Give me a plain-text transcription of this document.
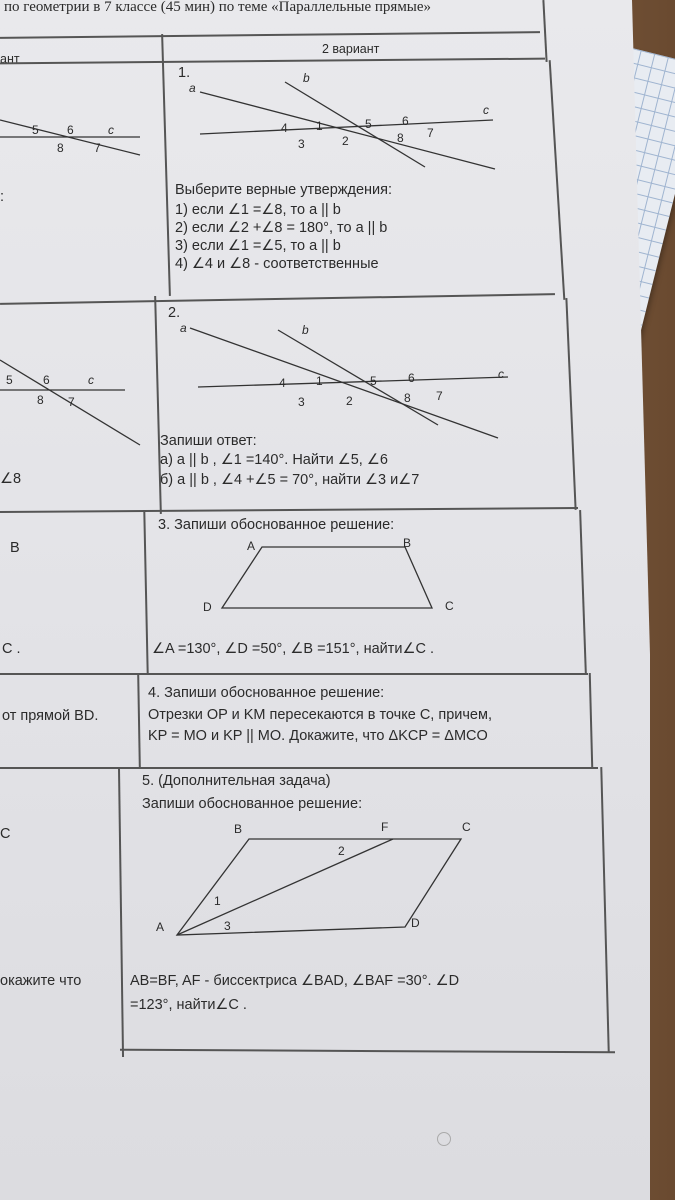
по геометрии в 7 классе (45 мин) по теме «Параллельные прямые»
ант
2 вариант
5 6	c
8	7
:
5	6	c
8 7
∠8
B
C .
от прямой BD.
C
окажите что
1.
a
b
c
4 1
3	2
5	6
8 7
Выберите верные утверждения:
1) если ∠1 =∠8, то a || b
2) если ∠2 +∠8 = 180°, то a || b
3) если ∠1 =∠5, то a || b
4) ∠4 и ∠8 - соответственные
2.
a	b
c
4	1
3	2
5	6
8 7
Запиши ответ:
а) a || b , ∠1 =140°. Найти ∠5, ∠6
б) a || b , ∠4 +∠5 = 70°, найти ∠3 и∠7
3. Запиши обоснованное решение:
A	B
D	C
∠A =130°, ∠D =50°, ∠B =151°, найти∠C .
4. Запиши обоснованное решение:
Отрезки OP и KM пересекаются в точке С, причем,
KP = MO и KP || MO. Докажите, что ΔKCP = ΔMCO
5. (Дополнительная задача)
Запиши обоснованное решение:
B	F	C
A	D
2
1
3
AB=BF, AF - биссектриса ∠BAD, ∠BAF =30°. ∠D
=123°, найти∠C .
